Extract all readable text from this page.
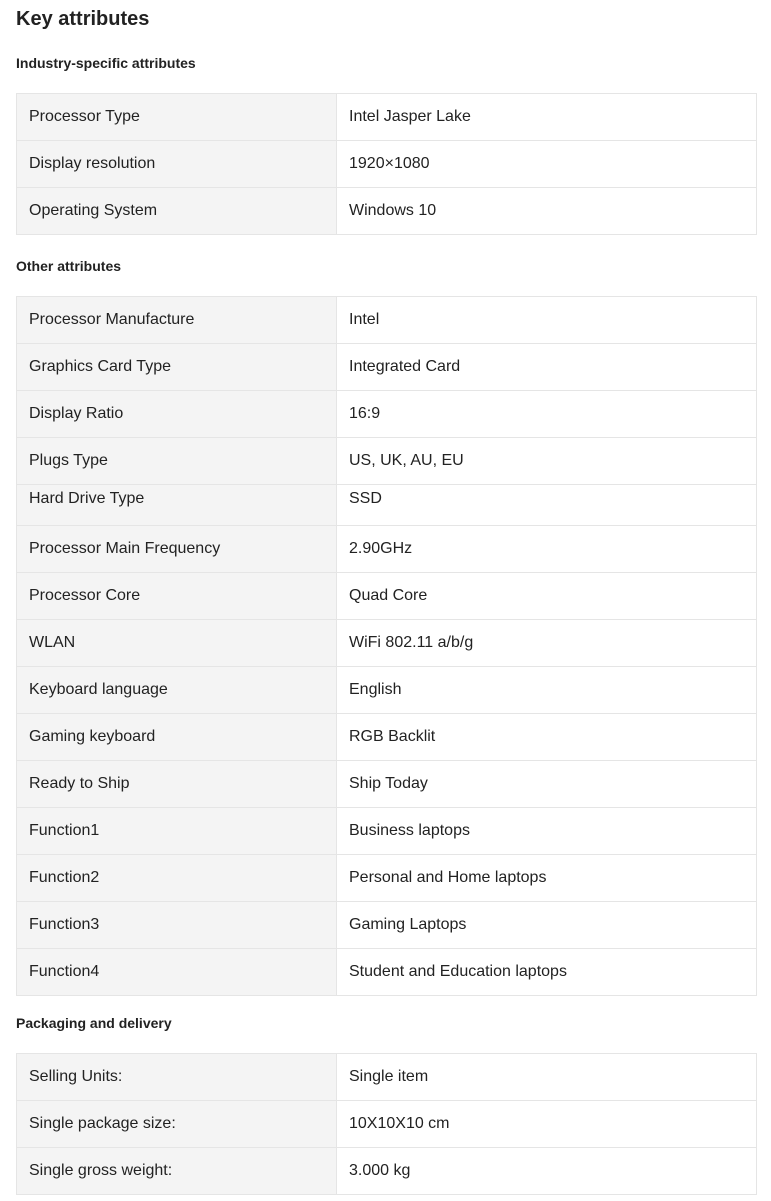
Key attributes
Industry-specific attributes
Processor Type	Intel Jasper Lake
Display resolution	1920×1080
Operating System	Windows 10
Other attributes
Processor Manufacture	Intel
Graphics Card Type	Integrated Card
Display Ratio	16:9
Plugs Type	US, UK, AU, EU
Hard Drive Type	SSD
Processor Main Frequency	2.90GHz
Processor Core	Quad Core
WLAN	WiFi 802.11 a/b/g
Keyboard language	English
Gaming keyboard	RGB Backlit
Ready to Ship	Ship Today
Function1	Business laptops
Function2	Personal and Home laptops
Function3	Gaming Laptops
Function4	Student and Education laptops
Packaging and delivery
Selling Units:	Single item
Single package size:	10X10X10 cm
Single gross weight:	3.000 kg
